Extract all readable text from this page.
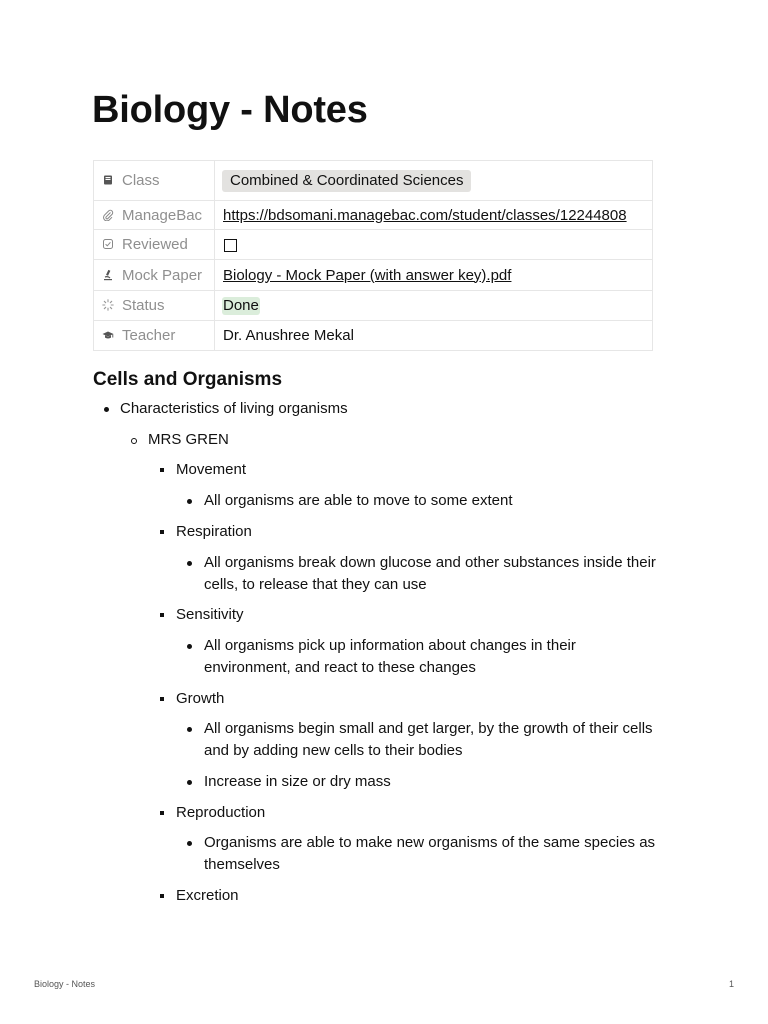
Biology - Notes
Class	Combined & Coordinated Sciences
ManageBac	https://bdsomani.managebac.com/student/classes/12244808
Reviewed	
Mock Paper	Biology - Mock Paper (with answer key).pdf
Status	Done
Teacher	Dr. Anushree Mekal
Cells and Organisms
Characteristics of living organisms
MRS GREN
Movement
All organisms are able to move to some extent
Respiration
All organisms break down glucose and other substances inside their
cells, to release that they can use
Sensitivity
All organisms pick up information about changes in their
environment, and react to these changes
Growth
All organisms begin small and get larger, by the growth of their cells
and by adding new cells to their bodies
Increase in size or dry mass
Reproduction
Organisms are able to make new organisms of the same species as
themselves
Excretion
Biology - Notes	1
